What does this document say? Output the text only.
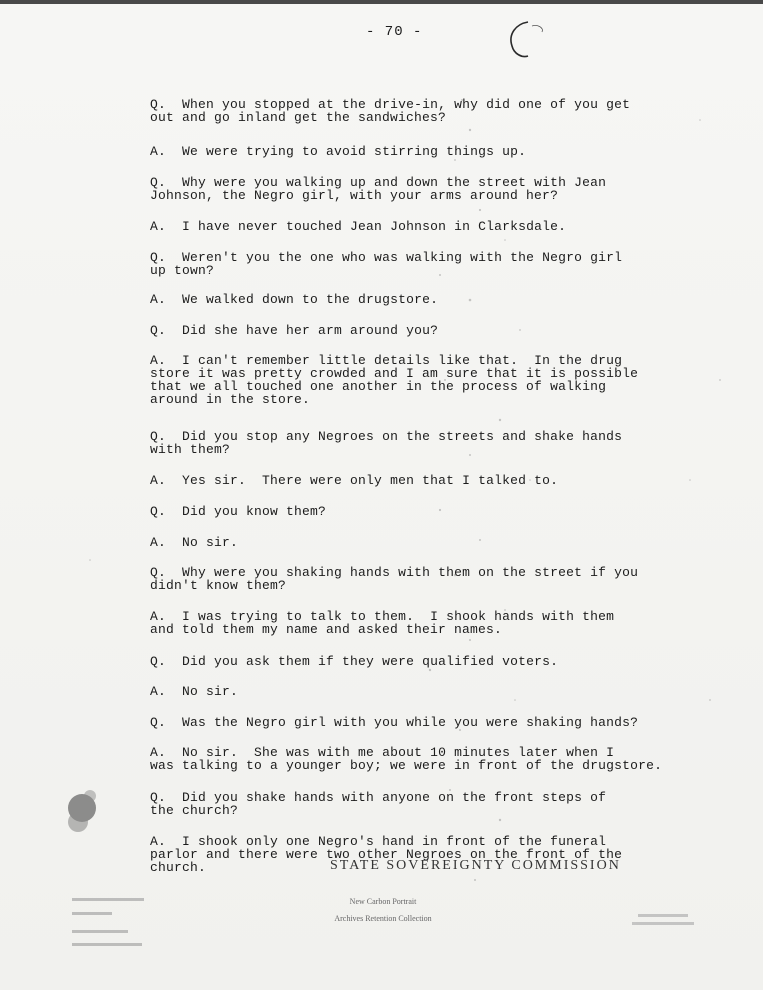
- 70 -
Q. When you stopped at the drive-in, why did one of you get
out and go inland get the sandwiches?
A. We were trying to avoid stirring things up.
Q. Why were you walking up and down the street with Jean
Johnson, the Negro girl, with your arms around her?
A. I have never touched Jean Johnson in Clarksdale.
Q. Weren't you the one who was walking with the Negro girl
up town?
A. We walked down to the drugstore.
Q. Did she have her arm around you?
A. I can't remember little details like that.  In the drug
store it was pretty crowded and I am sure that it is possible
that we all touched one another in the process of walking
around in the store.
Q. Did you stop any Negroes on the streets and shake hands
with them?
A. Yes sir.  There were only men that I talked to.
Q. Did you know them?
A. No sir.
Q. Why were you shaking hands with them on the street if you
didn't know them?
A. I was trying to talk to them.  I shook hands with them
and told them my name and asked their names.
Q. Did you ask them if they were qualified voters.
A. No sir.
Q. Was the Negro girl with you while you were shaking hands?
A. No sir.  She was with me about 10 minutes later when I
was talking to a younger boy; we were in front of the drugstore.
Q. Did you shake hands with anyone on the front steps of
the church?
A. I shook only one Negro's hand in front of the funeral
parlor and there were two other Negroes on the front of the
church.	STATE SOVEREIGNTY COMMISSION
New Carbon Portrait
Archives Retention Collection
